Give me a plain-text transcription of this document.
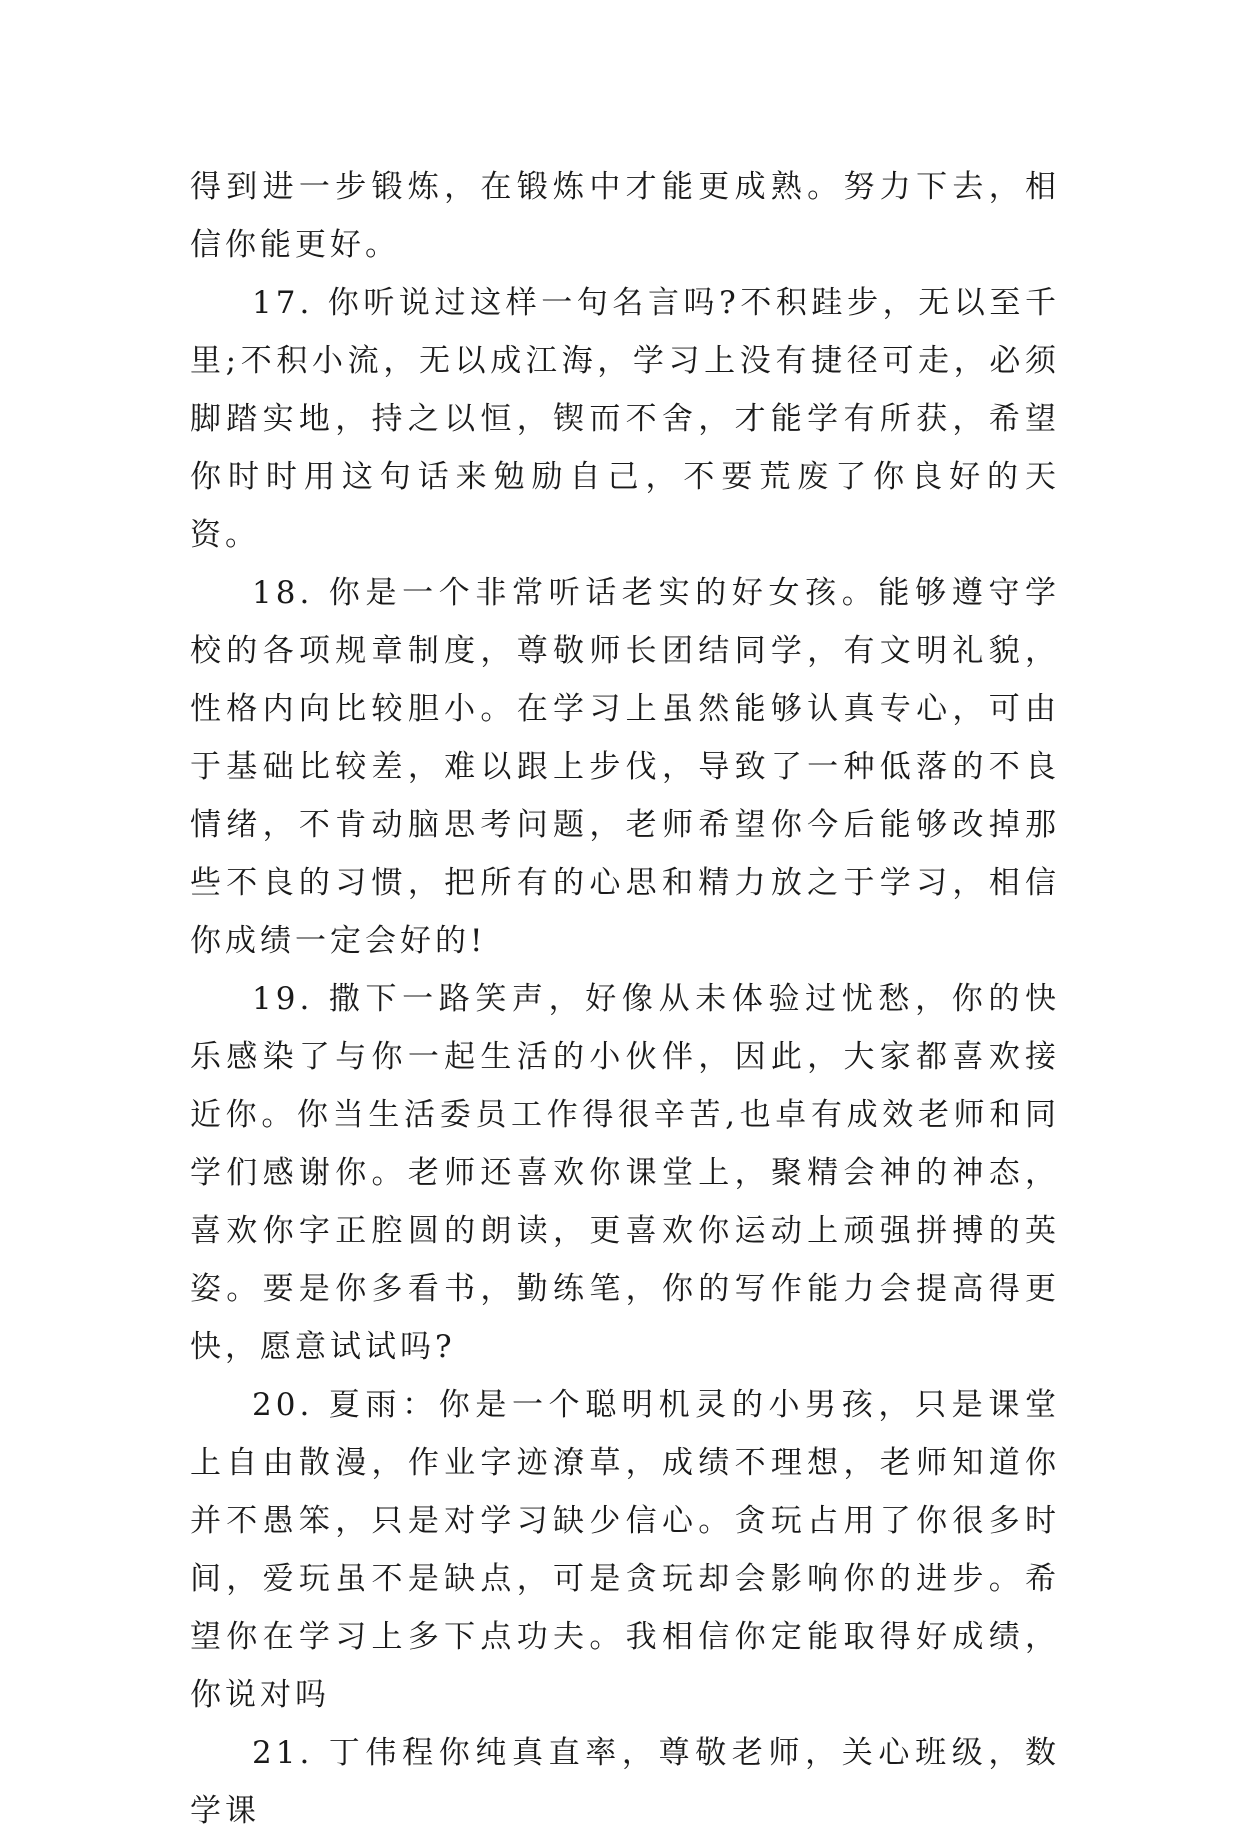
得到进一步锻炼，在锻炼中才能更成熟。努力下去，相信你能更好。

17. 你听说过这样一句名言吗?不积跬步，无以至千里;不积小流，无以成江海，学习上没有捷径可走，必须脚踏实地，持之以恒，锲而不舍，才能学有所获，希望你时时用这句话来勉励自己，不要荒废了你良好的天资。

18. 你是一个非常听话老实的好女孩。能够遵守学校的各项规章制度，尊敬师长团结同学，有文明礼貌，性格内向比较胆小。在学习上虽然能够认真专心，可由于基础比较差，难以跟上步伐，导致了一种低落的不良情绪，不肯动脑思考问题，老师希望你今后能够改掉那些不良的习惯，把所有的心思和精力放之于学习，相信你成绩一定会好的!

19. 撒下一路笑声，好像从未体验过忧愁，你的快乐感染了与你一起生活的小伙伴，因此，大家都喜欢接近你。你当生活委员工作得很辛苦,也卓有成效老师和同学们感谢你。老师还喜欢你课堂上，聚精会神的神态，喜欢你字正腔圆的朗读，更喜欢你运动上顽强拼搏的英姿。要是你多看书，勤练笔，你的写作能力会提高得更快，愿意试试吗?

20. 夏雨：你是一个聪明机灵的小男孩，只是课堂上自由散漫，作业字迹潦草，成绩不理想，老师知道你并不愚笨，只是对学习缺少信心。贪玩占用了你很多时间，爱玩虽不是缺点，可是贪玩却会影响你的进步。希望你在学习上多下点功夫。我相信你定能取得好成绩，你说对吗

21. 丁伟程你纯真直率，尊敬老师，关心班级，数学课
